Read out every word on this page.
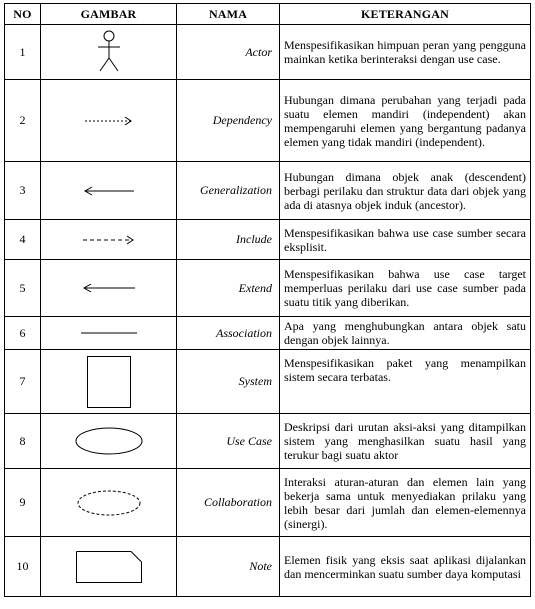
NO	GAMBAR	NAMA	KETERANGAN
1		Actor	Menspesifikasikan himpuan peran yang pengguna mainkan ketika berinteraksi dengan use case.
2		Dependency	Hubungan dimana perubahan yang terjadi pada suatu elemen mandiri (independent) akan mempengaruhi elemen yang bergantung padanya elemen yang tidak mandiri (independent).
3		Generalization	Hubungan dimana objek anak (descendent) berbagi perilaku dan struktur data dari objek yang ada di atasnya objek induk (ancestor).
4		Include	Menspesifikasikan bahwa use case sumber secara eksplisit.
5		Extend	Menspesifikasikan bahwa use case target memperluas perilaku dari use case sumber pada suatu titik yang diberikan.
6		Association	Apa yang menghubungkan antara objek satu dengan objek lainnya.
7		System	Menspesifikasikan paket yang menampilkan sistem secara terbatas.
8		Use Case	Deskripsi dari urutan aksi-aksi yang ditampilkan sistem yang menghasilkan suatu hasil yang terukur bagi suatu aktor
9		Collaboration	Interaksi aturan-aturan dan elemen lain yang bekerja sama untuk menyediakan prilaku yang lebih besar dari jumlah dan elemen-elemennya (sinergi).
10		Note	Elemen fisik yang eksis saat aplikasi dijalankan dan mencerminkan suatu sumber daya komputasi
